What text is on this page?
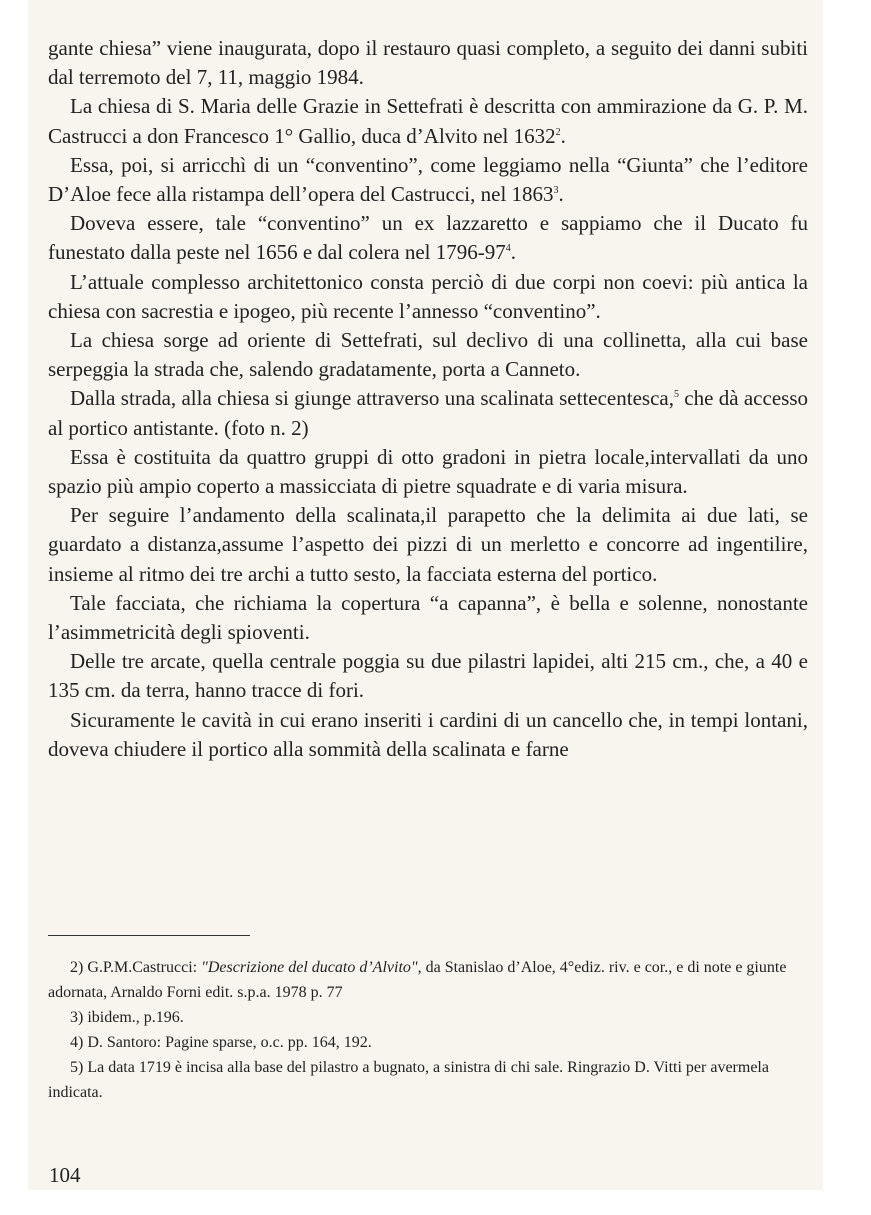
gante chiesa” viene inaugurata, dopo il restauro quasi completo, a seguito dei danni subiti dal terremoto del 7, 11, maggio 1984.

La chiesa di S. Maria delle Grazie in Settefrati è descritta con ammirazione da G. P. M. Castrucci a don Francesco 1° Gallio, duca d’Alvito nel 1632$^2$.

Essa, poi, si arricchì di un “conventino”, come leggiamo nella “Giunta” che l’editore D’Aloe fece alla ristampa dell’opera del Castrucci, nel 1863$^3$.

Doveva essere, tale “conventino” un ex lazzaretto e sappiamo che il Ducato fu funestato dalla peste nel 1656 e dal colera nel $1796-97^4$.

L’attuale complesso architettonico consta perciò di due corpi non coevi: più antica la chiesa con sacrestia e ipogeo, più recente l’annesso “conventino”.

La chiesa sorge ad oriente di Settefrati, sul declivo di una collinetta, alla cui base serpeggia la strada che, salendo gradatamente, porta a Canneto.

Dalla strada, alla chiesa si giunge attraverso una scalinata settecentesca,$^5$ che dà accesso al portico antistante. (foto n. 2)

Essa è costituita da quattro gruppi di otto gradoni in pietra locale,intervallati da uno spazio più ampio coperto a massicciata di pietre squadrate e di varia misura.

Per seguire l’andamento della scalinata,il parapetto che la delimita ai due lati, se guardato a distanza,assume l’aspetto dei pizzi di un merletto e concorre ad ingentilire, insieme al ritmo dei tre archi a tutto sesto, la facciata esterna del portico.

Tale facciata, che richiama la copertura “a capanna”, è bella e solenne, nonostante l’asimmetricità degli spioventi.

Delle tre arcate, quella centrale poggia su due pilastri lapidei, alti 215 cm., che, a 40 e 135 cm. da terra, hanno tracce di fori.

Sicuramente le cavità in cui erano inseriti i cardini di un cancello che, in tempi lontani, doveva chiudere il portico alla sommità della scalinata e farne

2) G.P.M.Castrucci: "Descrizione del ducato d’Alvito", da Stanislao d’Aloe, 4°ediz. riv. e cor., e di note e giunte adornata, Arnaldo Forni edit. s.p.a. 1978 p. 77

3) ibidem., p.196.

4) D. Santoro: Pagine sparse, o.c. pp. 164, 192.

5) La data 1719 è incisa alla base del pilastro a bugnato, a sinistra di chi sale. Ringrazio D. Vitti per avermela indicata.

104
